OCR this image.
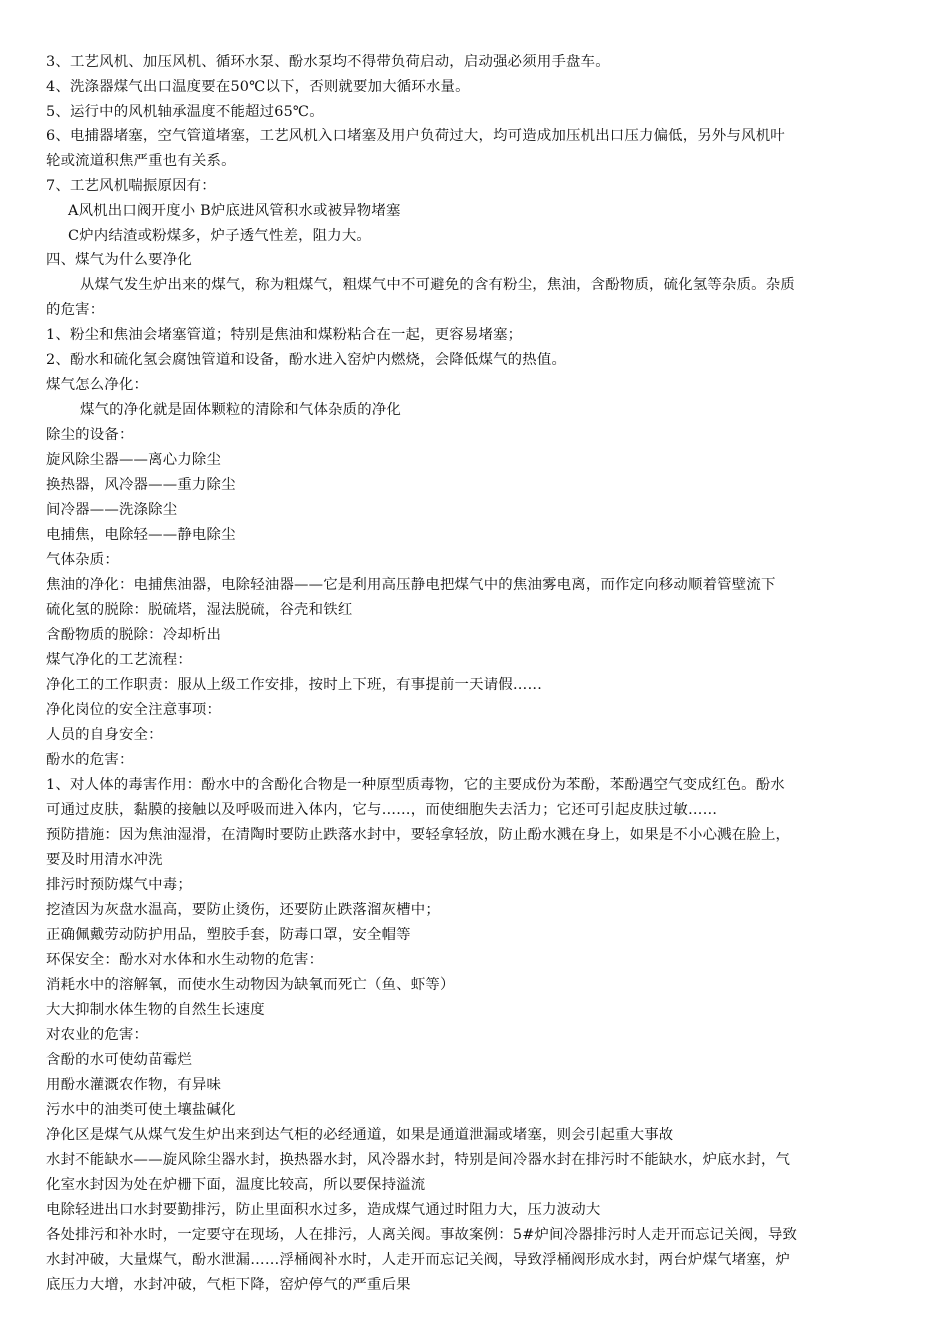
3、工艺风机、加压风机、循环水泵、酚水泵均不得带负荷启动，启动强必须用手盘车。
4、洗涤器煤气出口温度要在50℃以下，否则就要加大循环水量。
5、运行中的风机轴承温度不能超过65℃。
6、电捕器堵塞，空气管道堵塞，工艺风机入口堵塞及用户负荷过大，均可造成加压机出口压力偏低，另外与风机叶
轮或流道积焦严重也有关系。
7、工艺风机喘振原因有：
A风机出口阀开度小 B炉底进风管积水或被异物堵塞
C炉内结渣或粉煤多，炉子透气性差，阻力大。
四、煤气为什么要净化
从煤气发生炉出来的煤气，称为粗煤气，粗煤气中不可避免的含有粉尘，焦油，含酚物质，硫化氢等杂质。杂质
的危害：
1、粉尘和焦油会堵塞管道；特别是焦油和煤粉粘合在一起，更容易堵塞；
2、酚水和硫化氢会腐蚀管道和设备，酚水进入窑炉内燃烧，会降低煤气的热值。
煤气怎么净化：
煤气的净化就是固体颗粒的清除和气体杂质的净化
除尘的设备：
旋风除尘器——离心力除尘
换热器，风冷器——重力除尘
间冷器——洗涤除尘
电捕焦，电除轻——静电除尘
气体杂质：
焦油的净化：电捕焦油器，电除轻油器——它是利用高压静电把煤气中的焦油雾电离，而作定向移动顺着管壁流下
硫化氢的脱除：脱硫塔，湿法脱硫，谷壳和铁红
含酚物质的脱除：冷却析出
煤气净化的工艺流程：
净化工的工作职责：服从上级工作安排，按时上下班，有事提前一天请假……
净化岗位的安全注意事项：
人员的自身安全：
酚水的危害：
1、对人体的毒害作用：酚水中的含酚化合物是一种原型质毒物，它的主要成份为苯酚，苯酚遇空气变成红色。酚水
可通过皮肤，黏膜的接触以及呼吸而进入体内，它与……，而使细胞失去活力；它还可引起皮肤过敏……
预防措施：因为焦油湿滑，在清陶时要防止跌落水封中，要轻拿轻放，防止酚水溅在身上，如果是不小心溅在脸上，
要及时用清水冲洗
排污时预防煤气中毒；
挖渣因为灰盘水温高，要防止烫伤，还要防止跌落溜灰槽中；
正确佩戴劳动防护用品，塑胶手套，防毒口罩，安全帽等
环保安全：酚水对水体和水生动物的危害：
消耗水中的溶解氧，而使水生动物因为缺氧而死亡（鱼、虾等）
大大抑制水体生物的自然生长速度
对农业的危害：
含酚的水可使幼苗霉烂
用酚水灌溉农作物，有异味
污水中的油类可使土壤盐碱化
净化区是煤气从煤气发生炉出来到达气柜的必经通道，如果是通道泄漏或堵塞，则会引起重大事故
水封不能缺水——旋风除尘器水封，换热器水封，风冷器水封，特别是间冷器水封在排污时不能缺水，炉底水封，气
化室水封因为处在炉栅下面，温度比较高，所以要保持溢流
电除轻进出口水封要勤排污，防止里面积水过多，造成煤气通过时阻力大，压力波动大
各处排污和补水时，一定要守在现场，人在排污，人离关阀。事故案例：5#炉间冷器排污时人走开而忘记关阀，导致
水封冲破，大量煤气，酚水泄漏……浮桶阀补水时，人走开而忘记关阀，导致浮桶阀形成水封，两台炉煤气堵塞，炉
底压力大增，水封冲破，气柜下降，窑炉停气的严重后果
